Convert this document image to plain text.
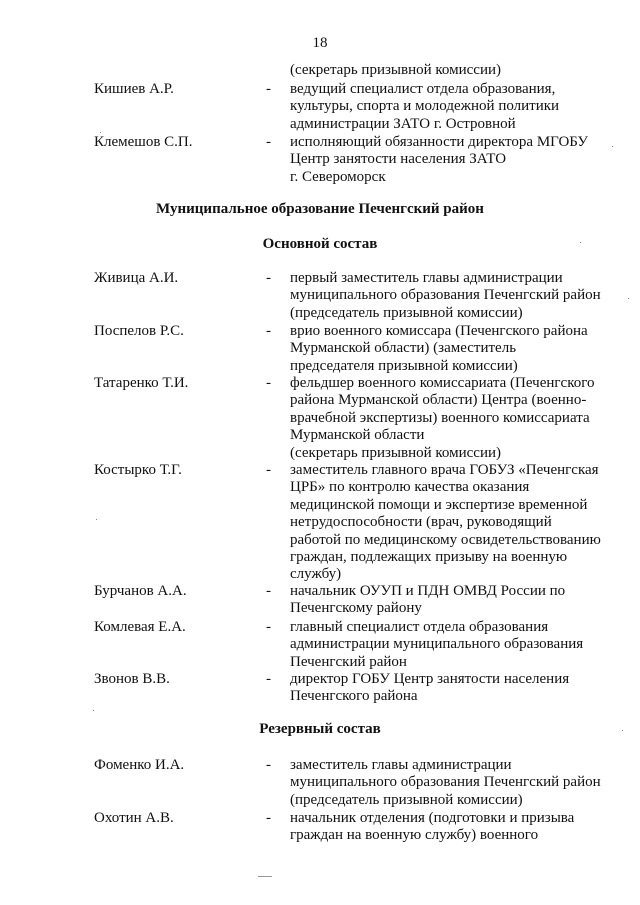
18
Муниципальное образование Печенгский район
Основной состав
Резервный состав
(секретарь призывной комиссии)
Кишиев А.Р.	- ведущий специалист отдела образования,
культуры, спорта и молодежной политики
администрации ЗАТО г. Островной
Клемешов С.П.	- исполняющий обязанности директора МГОБУ
Центр занятости населения ЗАТО
г. Североморск
Живица А.И.	- первый заместитель главы администрации
муниципального образования Печенгский район
(председатель призывной комиссии)
Поспелов Р.С.	- врио военного комиссара (Печенгского района
Мурманской области) (заместитель
председателя призывной комиссии)
Татаренко Т.И.	- фельдшер военного комиссариата (Печенгского
района Мурманской области) Центра (военно-
врачебной экспертизы) военного комиссариата
Мурманской области
(секретарь призывной комиссии)
Костырко Т.Г.	- заместитель главного врача ГОБУЗ «Печенгская
ЦРБ» по контролю качества оказания
медицинской помощи и экспертизе временной
нетрудоспособности (врач, руководящий
работой по медицинскому освидетельствованию
граждан, подлежащих призыву на военную
службу)
Бурчанов А.А.	- начальник ОУУП и ПДН ОМВД России по
Печенгскому району
Комлевая Е.А.	- главный специалист отдела образования
администрации муниципального образования
Печенгский район
Звонов В.В.	- директор ГОБУ Центр занятости населения
Печенгского района
Фоменко И.А.	- заместитель главы администрации
муниципального образования Печенгский район
(председатель призывной комиссии)
Охотин А.В.	- начальник отделения (подготовки и призыва
граждан на военную службу) военного
